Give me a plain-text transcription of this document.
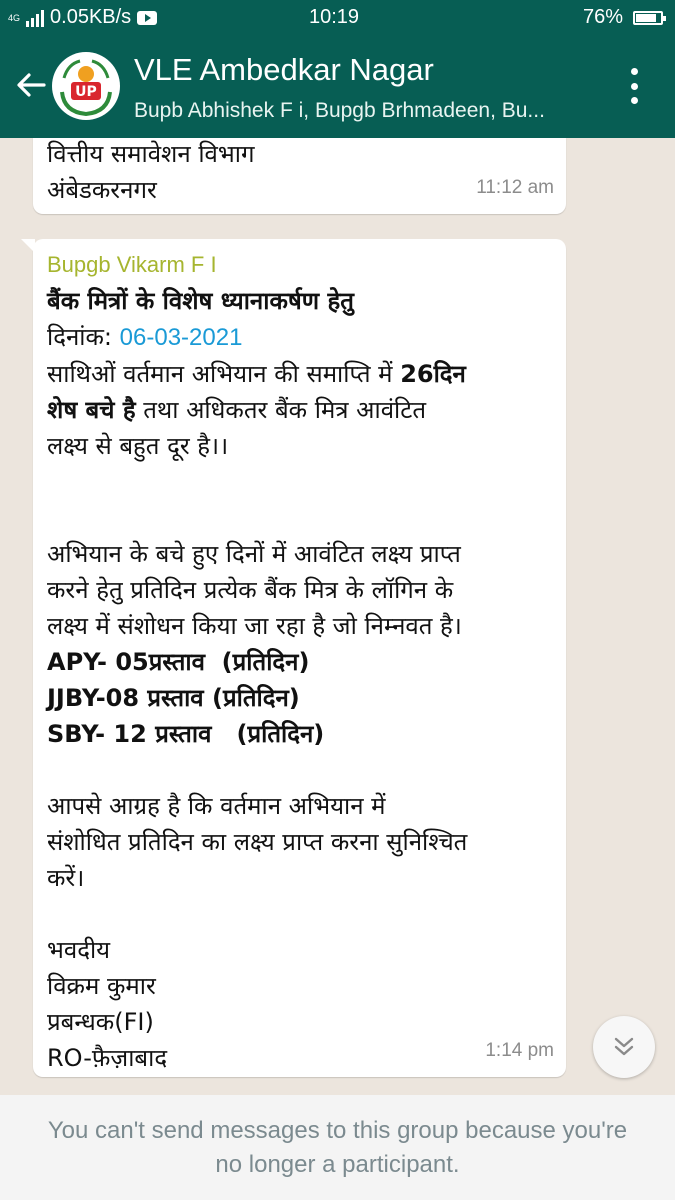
4G 0.05KB/s	10:19	76%
UP
VLE Ambedkar Nagar
Bupb Abhishek F i, Bupgb Brhmadeen, Bu...
वित्तीय समावेशन विभाग
अंबेडकरनगर	11:12 am
Bupgb Vikarm F I
बैंक मित्रों के विशेष ध्यानाकर्षण हेतु
दिनांक: 06-03-2021
साथिओं वर्तमान अभियान की समाप्ति में 26दिन
शेष बचे है तथा अधिकतर बैंक मित्र आवंटित
लक्ष्य से बहुत दूर है।।
अभियान के बचे हुए दिनों में आवंटित लक्ष्य प्राप्त
करने हेतु प्रतिदिन प्रत्येक बैंक मित्र के लॉगिन के
लक्ष्य में संशोधन किया जा रहा है जो निम्नवत है।
APY- 05प्रस्ताव  (प्रतिदिन)
JJBY-08 प्रस्ताव (प्रतिदिन)
SBY- 12 प्रस्ताव   (प्रतिदिन)
आपसे आग्रह है कि वर्तमान अभियान में
संशोधित प्रतिदिन का लक्ष्य प्राप्त करना सुनिश्चित
करें।
भवदीय
विक्रम कुमार
प्रबन्धक(FI)
RO-फ़ैज़ाबाद	1:14 pm
You can't send messages to this group because you're no longer a participant.
